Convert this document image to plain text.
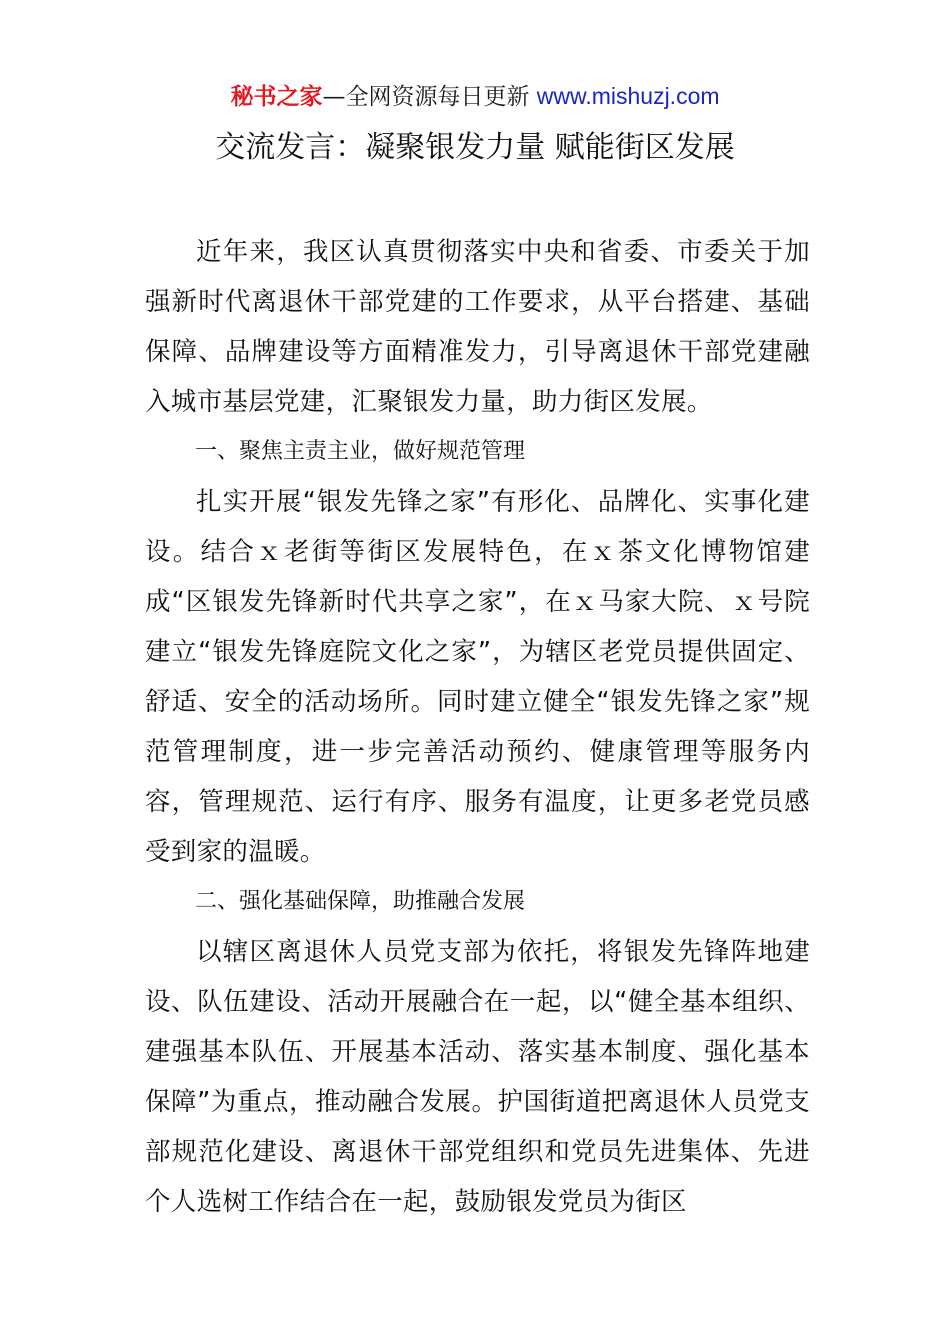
秘书之家—全网资源每日更新 www.mishuzj.com
交流发言：凝聚银发力量 赋能街区发展

近年来，我区认真贯彻落实中央和省委、市委关于加强新时代离退休干部党建的工作要求，从平台搭建、基础保障、品牌建设等方面精准发力，引导离退休干部党建融入城市基层党建，汇聚银发力量，助力街区发展。

一、聚焦主责主业，做好规范管理

扎实开展“银发先锋之家”有形化、品牌化、实事化建设。结合ｘ老街等街区发展特色，在ｘ茶文化博物馆建成“区银发先锋新时代共享之家”，在ｘ马家大院、ｘ号院建立“银发先锋庭院文化之家”，为辖区老党员提供固定、舒适、安全的活动场所。同时建立健全“银发先锋之家”规范管理制度，进一步完善活动预约、健康管理等服务内容，管理规范、运行有序、服务有温度，让更多老党员感受到家的温暖。

二、强化基础保障，助推融合发展

以辖区离退休人员党支部为依托，将银发先锋阵地建设、队伍建设、活动开展融合在一起，以“健全基本组织、建强基本队伍、开展基本活动、落实基本制度、强化基本保障”为重点，推动融合发展。护国街道把离退休人员党支部规范化建设、离退休干部党组织和党员先进集体、先进个人选树工作结合在一起，鼓励银发党员为街区
